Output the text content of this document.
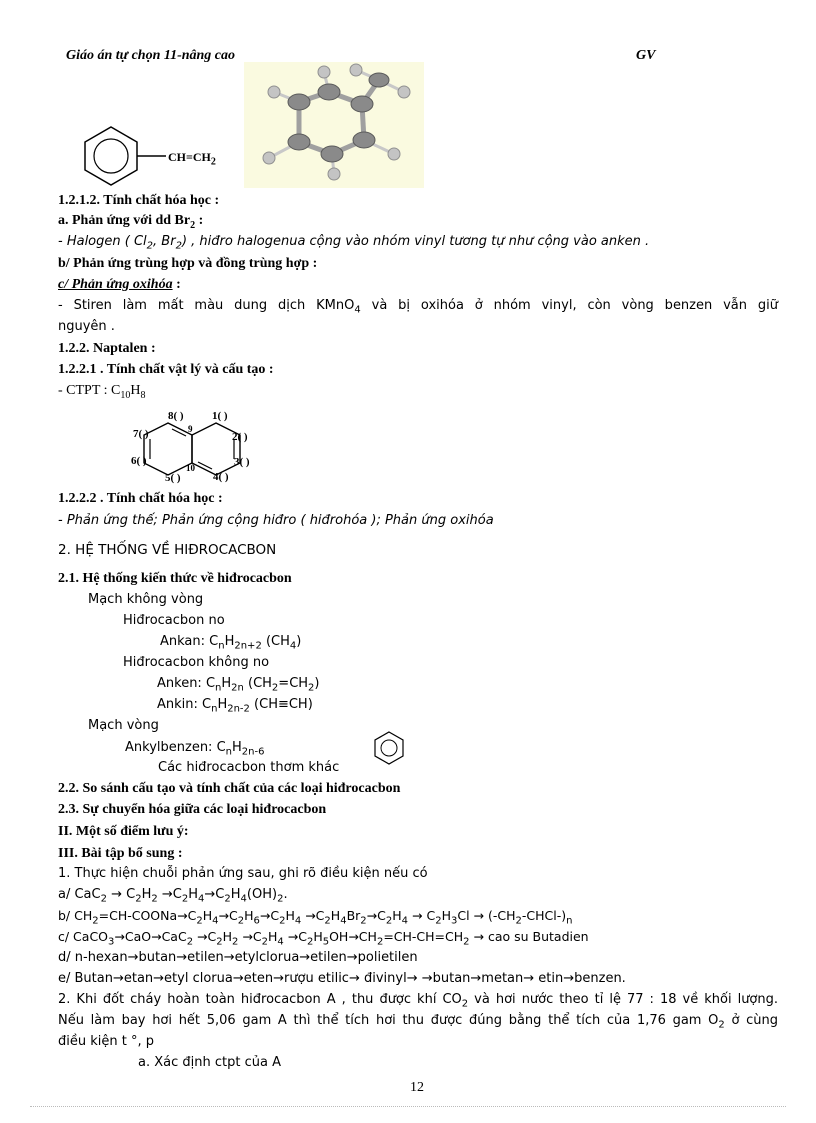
Giáo án tự chọn 11-nâng cao	GV
$CH=CH_2$
1.2.1.2. Tính chất hóa học :
a. Phản ứng với dd $Br_2$ :
- Halogen ( $Cl_2$, $Br_2$) , hiđro halogenua cộng vào nhóm vinyl tương tự như cộng vào anken .
b/ Phản ứng trùng hợp và đồng trùng hợp :
c/ Phản ứng oxihóa :
- Stiren làm mất màu dung dịch KMnO$_4$ và bị oxihóa ở nhóm vinyl, còn vòng benzen vẫn giữ
nguyên .
1.2.2. Naptalen :
1.2.2.1 . Tính chất vật lý và cấu tạo :
- CTPT : $C_{10}H_8$
8( )	1( )
7( )	2( )
6( )	3( )
5( )	4( )
9
10
1.2.2.2 . Tính chất hóa học :
- Phản ứng thế; Phản ứng cộng hiđro ( hiđrohóa ); Phản ứng oxihóa
2. HỆ THỐNG VỀ HIĐROCACBON
2.1. Hệ thống kiến thức về hiđrocacbon
Mạch không vòng
Hiđrocacbon no
Ankan: $C_nH_{2n+2}$ $(CH_4)$
Hiđrocacbon không no
Anken: $C_nH_{2n}$ $(CH_2=CH_2)$
Ankin: $C_nH_{2n-2}$ (CH≡CH)
Mạch vòng
Ankylbenzen: $C_nH_{2n-6}$
Các hiđrocacbon thơm khác
2.2. So sánh cấu tạo và tính chất của các loại hiđrocacbon
2.3. Sự chuyển hóa giữa các loại hiđrocacbon
II. Một số điểm lưu ý:
III. Bài tập bổ sung :
1. Thực hiện chuỗi phản ứng sau, ghi rõ điều kiện nếu có
a/ $CaC_2 \to C_2H_2 \to C_2H_4\to C_2H_4(OH)_2$.
b/ $CH_2=CH-COONa\to C_2H_4\to C_2H_6\to C_2H_4 \to C_2H_4Br_2\to C_2H_4 \to C_2H_3Cl$ → $(-CH_2-CHCl-)_n$
c/ CaCO$_3$→CaO→CaC$_2$ $\to C_2H_2 \to C_2H_4 \to C_2H_5OH\to CH_2=CH-CH=CH_2$ → cao su Butadien
d/ n-hexan→butan→etilen→etylclorua→etilen→polietilen
e/ Butan→etan→etyl clorua→eten→rượu etilic→ đivinyl→ →butan→metan→ etin→benzen.
2. Khi đốt cháy hoàn toàn hiđrocacbon A , thu được khí $CO_2$ và hơi nước theo tỉ lệ 77 : 18 về khối lượng.
Nếu làm bay hơi hết 5,06 gam A thì thể tích hơi thu được đúng bằng thể tích của 1,76 gam $O_2$ ở cùng
điều kiện t °, p
a. Xác định ctpt của A
12
